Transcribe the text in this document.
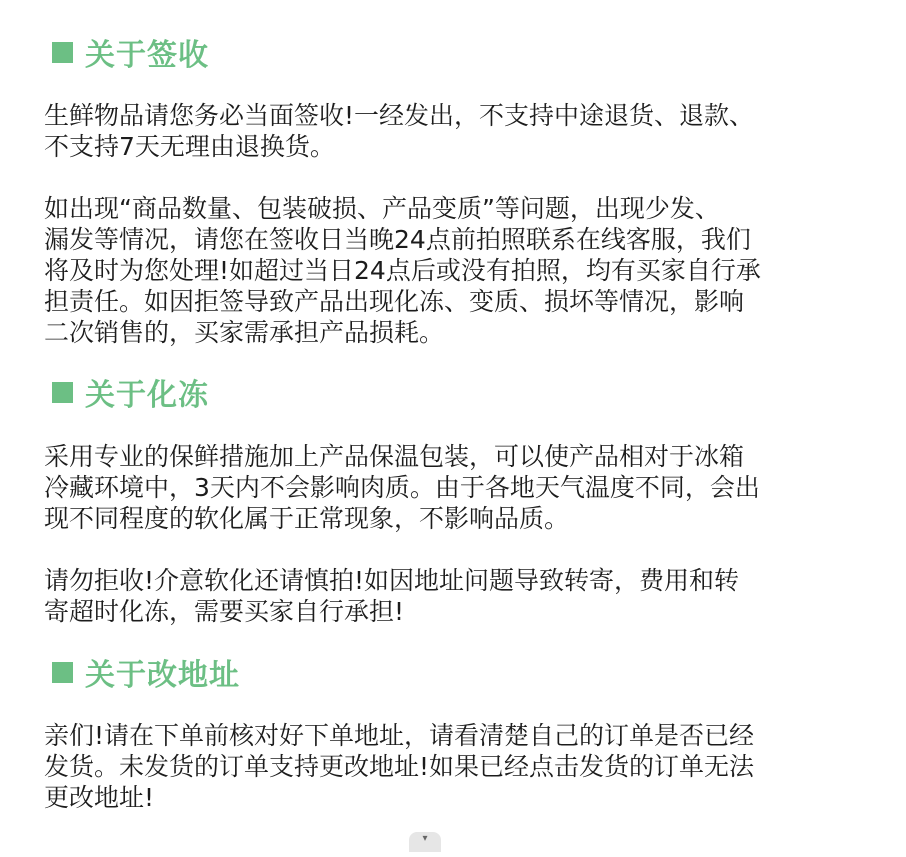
关于签收
生鲜物品请您务必当面签收!一经发出，不支持中途退货、退款、
不支持7天无理由退换货。
如出现“商品数量、包装破损、产品变质”等问题，出现少发、
漏发等情况，请您在签收日当晚24点前拍照联系在线客服，我们
将及时为您处理!如超过当日24点后或没有拍照，均有买家自行承
担责任。如因拒签导致产品出现化冻、变质、损坏等情况，影响
二次销售的，买家需承担产品损耗。
关于化冻
采用专业的保鲜措施加上产品保温包装，可以使产品相对于冰箱
冷藏环境中，3天内不会影响肉质。由于各地天气温度不同，会出
现不同程度的软化属于正常现象，不影响品质。
请勿拒收!介意软化还请慎拍!如因地址问题导致转寄，费用和转
寄超时化冻，需要买家自行承担!
关于改地址
亲们!请在下单前核对好下单地址，请看清楚自己的订单是否已经
发货。未发货的订单支持更改地址!如果已经点击发货的订单无法
更改地址!
▾
